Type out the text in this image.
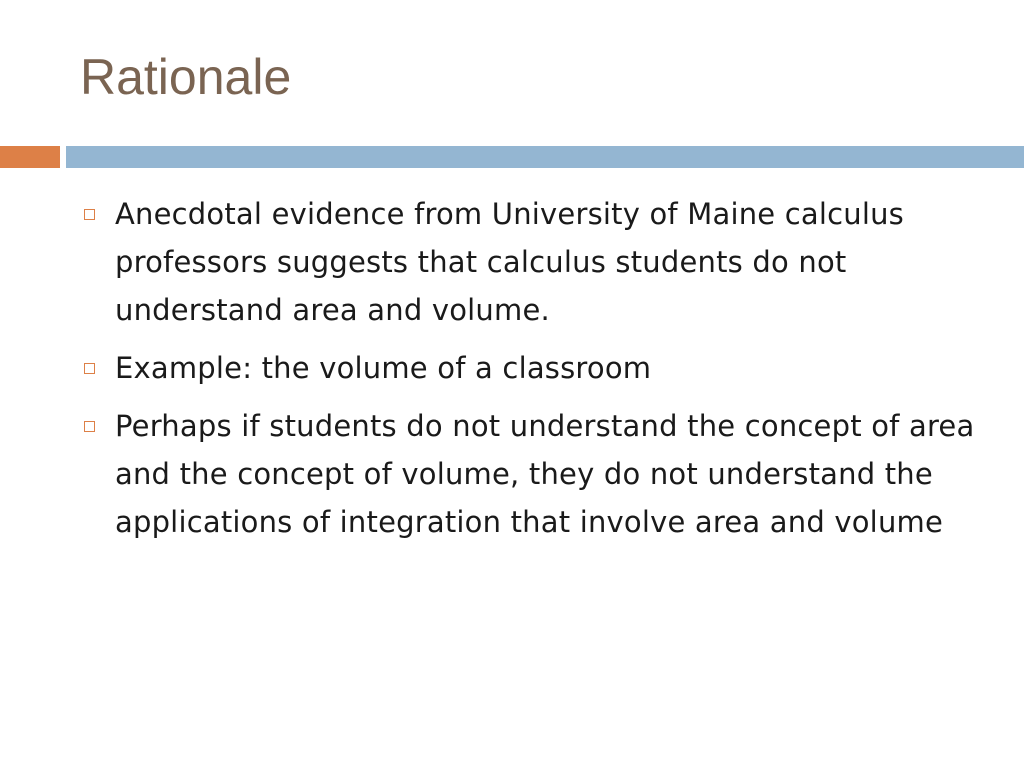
Rationale
Anecdotal evidence from University of Maine calculus professors suggests that calculus students do not understand area and volume.
Example: the volume of a classroom
Perhaps if students do not understand the concept of area and the concept of volume, they do not understand the applications of integration that involve area and volume
